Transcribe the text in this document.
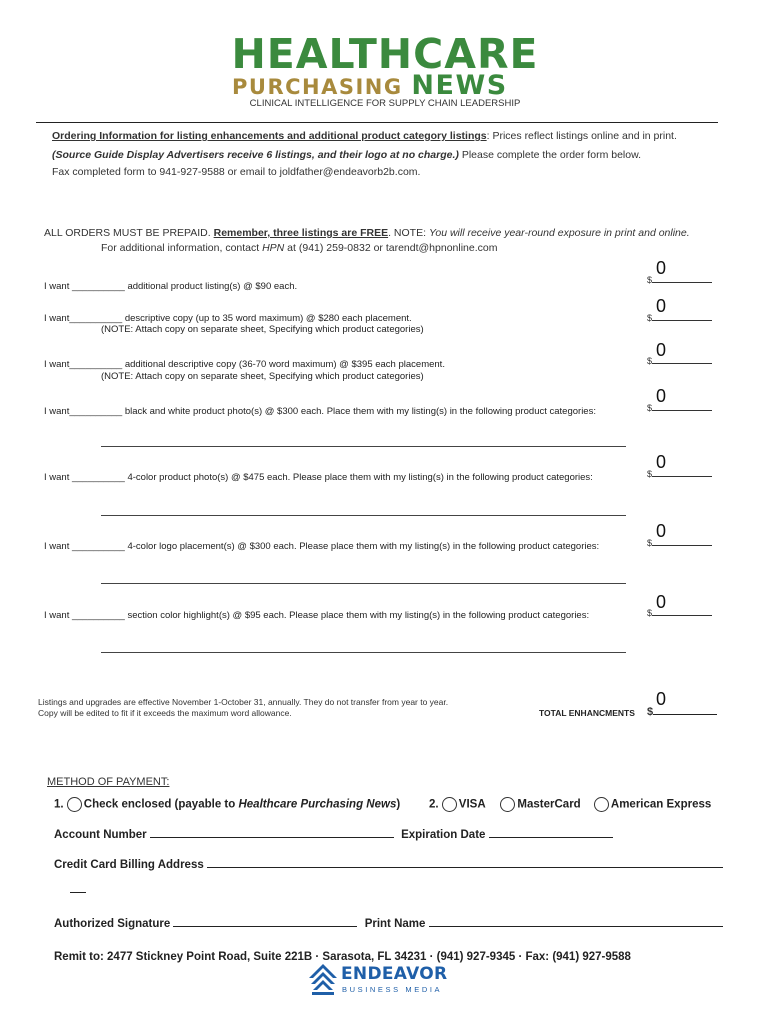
HEALTHCARE
PURCHASING NEWS
CLINICAL INTELLIGENCE FOR SUPPLY CHAIN LEADERSHIP
Ordering Information for listing enhancements and additional product category listings: Prices reflect listings online and in print.
(Source Guide Display Advertisers receive 6 listings, and their logo at no charge.) Please complete the order form below.
Fax completed form to 941-927-9588 or email to joldfather@endeavorb2b.com.
ALL ORDERS MUST BE PREPAID. Remember, three listings are FREE. NOTE: You will receive year-round exposure in print and online.
For additional information, contact HPN at (941) 259-0832 or tarendt@hpnonline.com
I want __________ additional product listing(s) @ $90 each.
0
$
I want__________ descriptive copy (up to 35 word maximum) @ $280 each placement.
(NOTE: Attach copy on separate sheet, Specifying which product categories)
0
$
I want__________ additional descriptive copy (36-70 word maximum) @ $395 each placement.
(NOTE: Attach copy on separate sheet, Specifying which product categories)
0
$
I want__________ black and white product photo(s) @ $300 each. Place them with my listing(s) in the following product categories:
0
$
I want __________ 4-color product photo(s) @ $475 each. Please place them with my listing(s) in the following product categories:
0
$
I want __________ 4-color logo placement(s) @ $300 each. Please place them with my listing(s) in the following product categories:
0
$
I want __________ section color highlight(s) @ $95 each. Please place them with my listing(s) in the following product categories:
0
$
Listings and upgrades are effective November 1-October 31, annually. They do not transfer from year to year.
Copy will be edited to fit if it exceeds the maximum word allowance.	TOTAL ENHANCMENTS
0
$
METHOD OF PAYMENT:
1. Check enclosed (payable to Healthcare Purchasing News)	2. VISA	MasterCard	American Express
Account Number	Expiration Date
Credit Card Billing Address
Authorized Signature	Print Name
Remit to: 2477 Stickney Point Road, Suite 221B · Sarasota, FL 34231 · (941) 927-9345 · Fax: (941) 927-9588
ENDEAVOR
BUSINESS MEDIA
